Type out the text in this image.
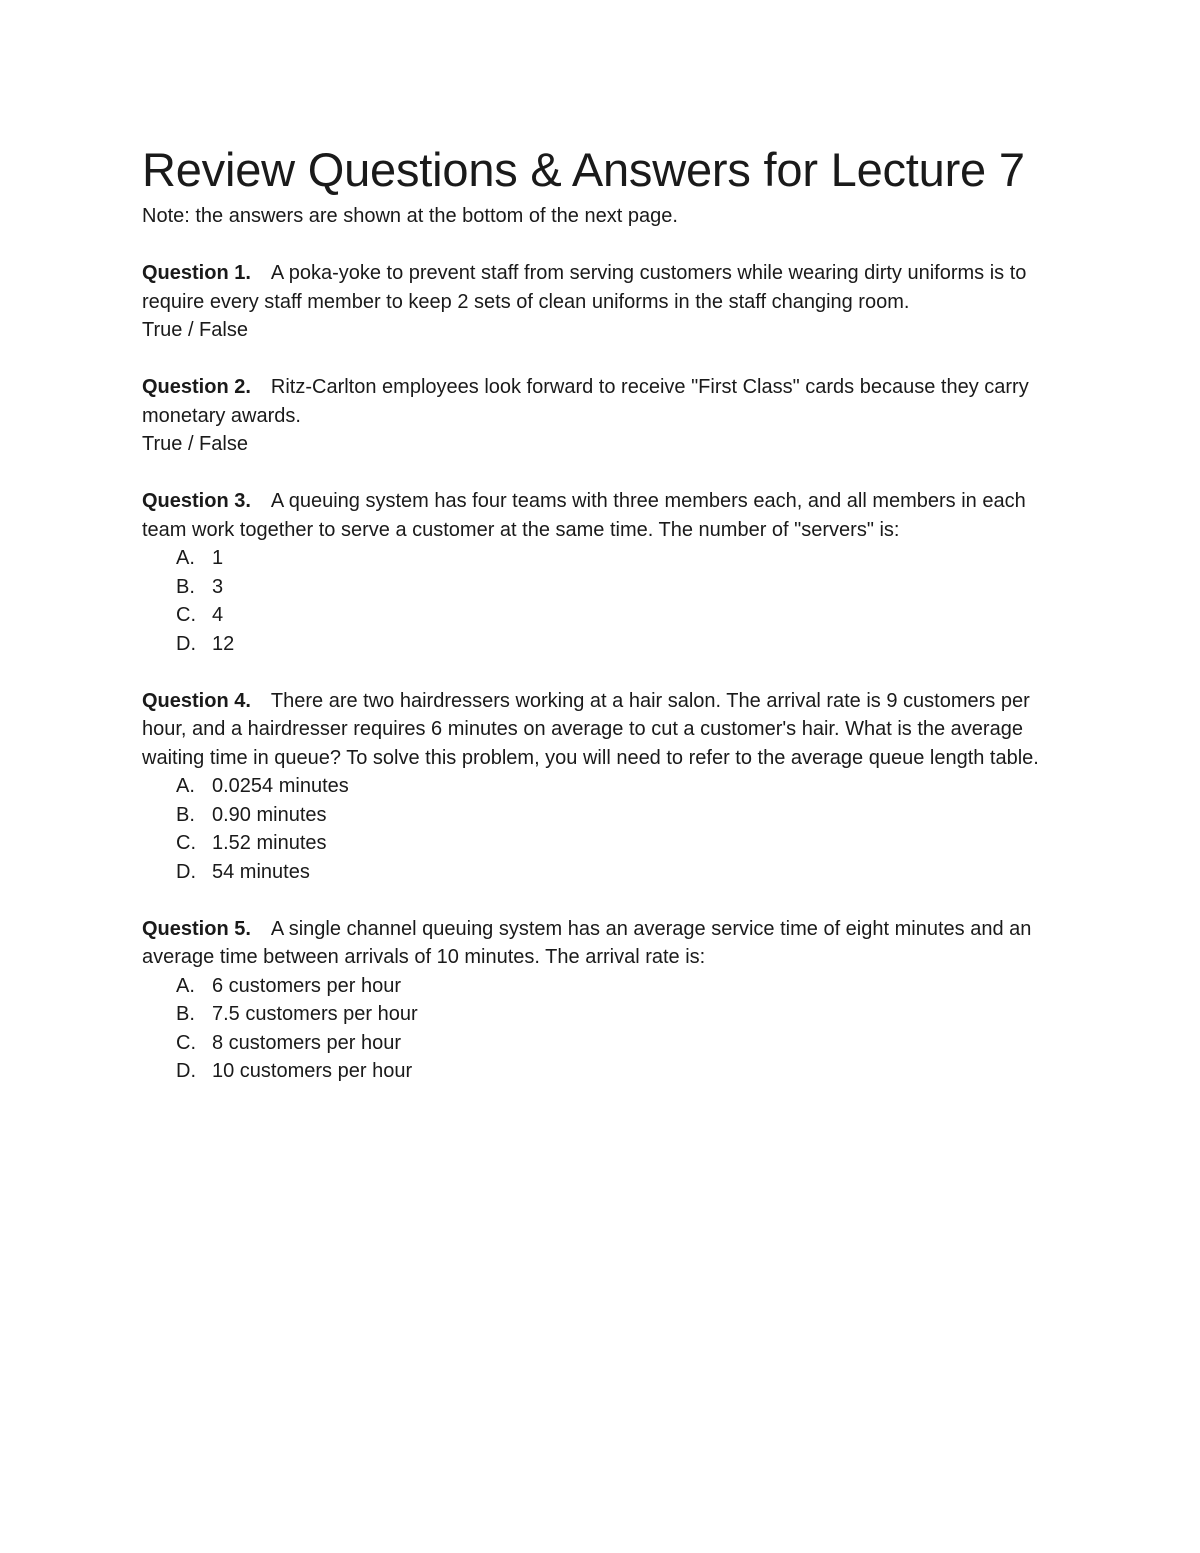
Review Questions & Answers for Lecture 7

Note: the answers are shown at the bottom of the next page.

Question 1. A poka-yoke to prevent staff from serving customers while wearing dirty uniforms is to require every staff member to keep 2 sets of clean uniforms in the staff changing room.

True / False

Question 2. Ritz-Carlton employees look forward to receive "First Class" cards because they carry monetary awards.

True / False

Question 3. A queuing system has four teams with three members each, and all members in each team work together to serve a customer at the same time. The number of "servers" is:

A. 1
B. 3
C. 4
D. 12

Question 4. There are two hairdressers working at a hair salon. The arrival rate is 9 customers per hour, and a hairdresser requires 6 minutes on average to cut a customer's hair. What is the average waiting time in queue? To solve this problem, you will need to refer to the average queue length table.

A. 0.0254 minutes
B. 0.90 minutes
C. 1.52 minutes
D. 54 minutes

Question 5. A single channel queuing system has an average service time of eight minutes and an average time between arrivals of 10 minutes. The arrival rate is:

A. 6 customers per hour
B. 7.5 customers per hour
C. 8 customers per hour
D. 10 customers per hour
